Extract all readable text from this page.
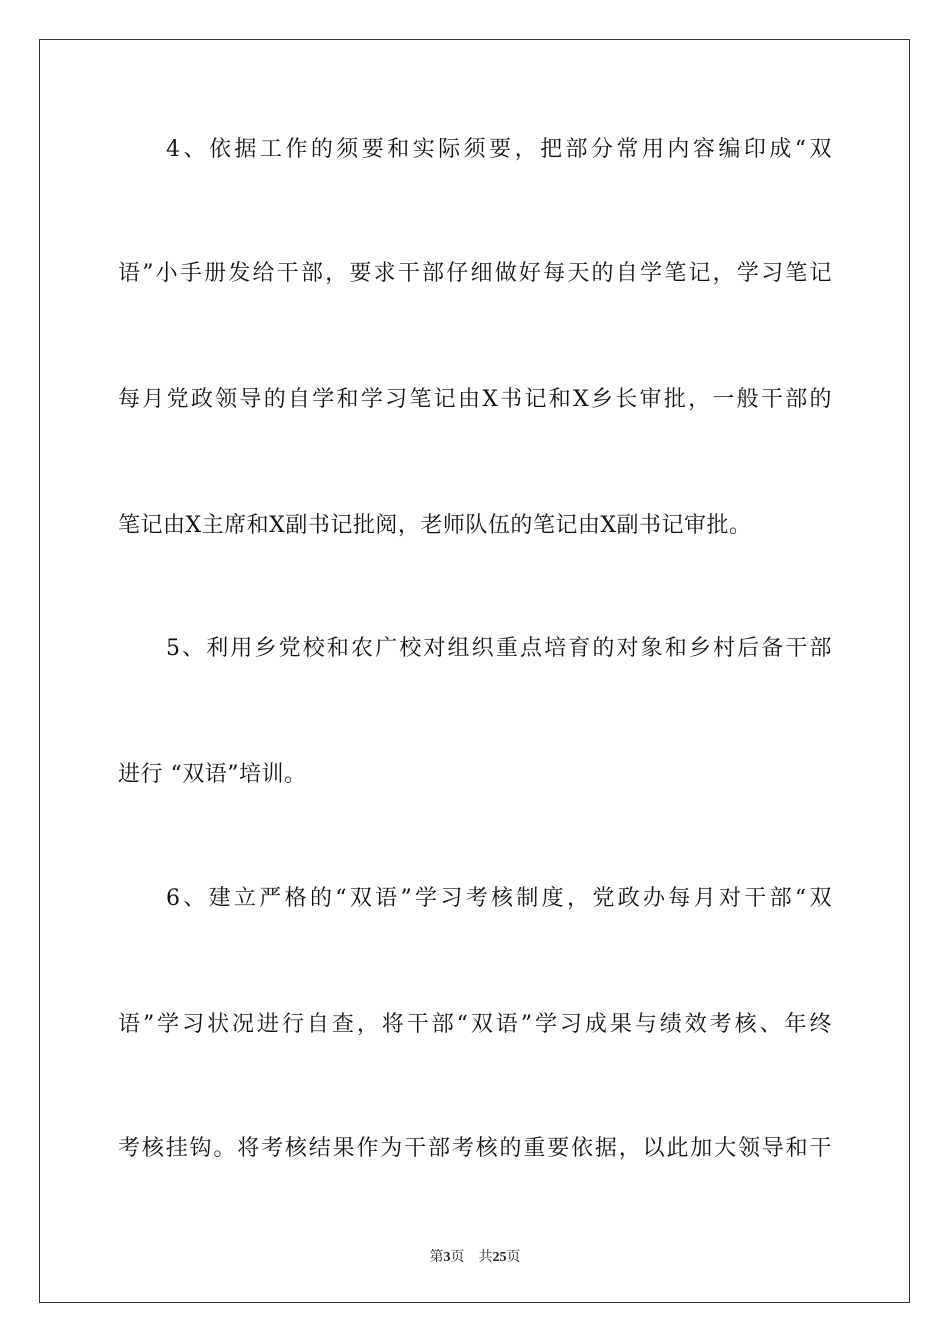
4、依据工作的须要和实际须要，把部分常用内容编印成“双
语”小手册发给干部，要求干部仔细做好每天的自学笔记，学习笔记
每月党政领导的自学和学习笔记由X书记和X乡长审批，一般干部的
笔记由X主席和X副书记批阅，老师队伍的笔记由X副书记审批。
5、利用乡党校和农广校对组织重点培育的对象和乡村后备干部
进行 “双语”培训。
6、建立严格的“双语”学习考核制度，党政办每月对干部“双
语”学习状况进行自查，将干部“双语”学习成果与绩效考核、年终
考核挂钩。将考核结果作为干部考核的重要依据，以此加大领导和干
第3页 共25页
